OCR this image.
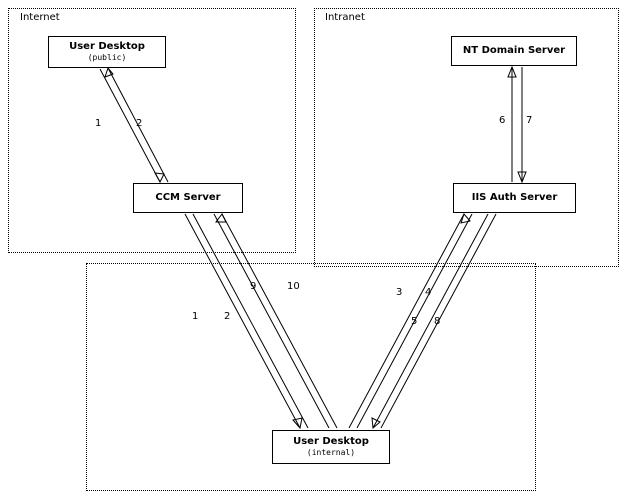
Internet	Intranet
User Desktop
(public)
CCM Server
NT Domain Server
IIS Auth Server
User Desktop
(internal)
1	2	6 7
9	10
1	2
3 4
5 8
